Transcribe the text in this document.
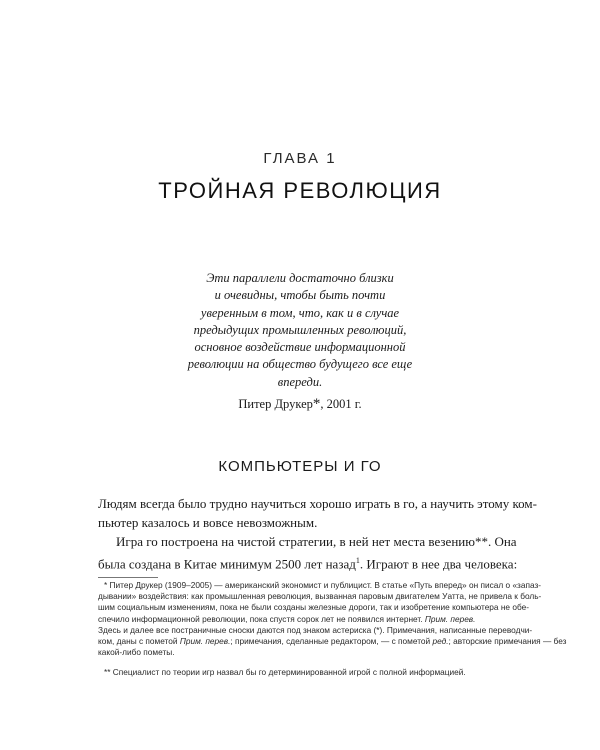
ГЛАВА 1
ТРОЙНАЯ РЕВОЛЮЦИЯ
Эти параллели достаточно близки
и очевидны, чтобы быть почти
уверенным в том, что, как и в случае
предыдущих промышленных революций,
основное воздействие информационной
революции на общество будущего все еще
впереди.
Питер Друкер*, 2001 г.
КОМПЬЮТЕРЫ И ГО
Людям всегда было трудно научиться хорошо играть в го, а научить этому ком-
пьютер казалось и вовсе невозможным.
Игра го построена на чистой стратегии, в ней нет места везению**. Она
была создана в Китае минимум 2500 лет назад$^1$. Играют в нее два человека:
* Питер Друкер (1909–2005) — американский экономист и публицист. В статье «Путь вперед» он писал о «запаз-
дывании» воздействия: как промышленная революция, вызванная паровым двигателем Уатта, не привела к боль-
шим социальным изменениям, пока не были созданы железные дороги, так и изобретение компьютера не обе-
спечило информационной революции, пока спустя сорок лет не появился интернет. Прим. перев.
Здесь и далее все постраничные сноски даются под знаком астериска (*). Примечания, написанные переводчи-
ком, даны с пометой Прим. перев.; примечания, сделанные редактором, — с пометой ред.; авторские примечания — без
какой-либо пометы.
** Специалист по теории игр назвал бы го детерминированной игрой с полной информацией.
